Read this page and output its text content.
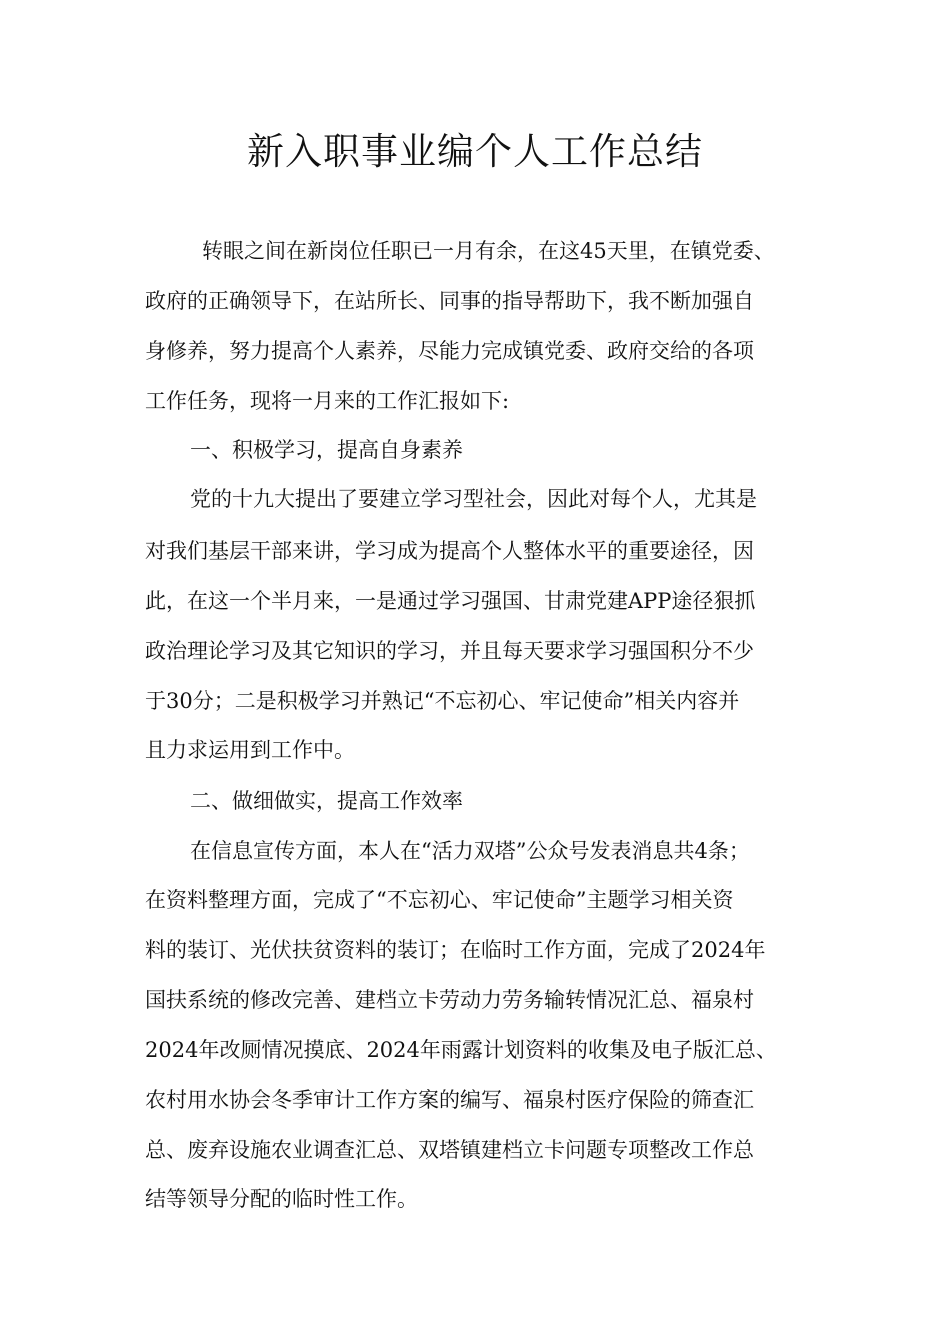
新入职事业编个人工作总结
转眼之间在新岗位任职已一月有余，在这45天里，在镇党委、
政府的正确领导下，在站所长、同事的指导帮助下，我不断加强自
身修养，努力提高个人素养，尽能力完成镇党委、政府交给的各项
工作任务，现将一月来的工作汇报如下:
一、积极学习，提高自身素养
党的十九大提出了要建立学习型社会，因此对每个人，尤其是
对我们基层干部来讲，学习成为提高个人整体水平的重要途径，因
此，在这一个半月来，一是通过学习强国、甘肃党建APP途径狠抓
政治理论学习及其它知识的学习，并且每天要求学习强国积分不少
于30分；二是积极学习并熟记“不忘初心、牢记使命”相关内容并
且力求运用到工作中。
二、做细做实，提高工作效率
在信息宣传方面，本人在“活力双塔”公众号发表消息共4条；
在资料整理方面，完成了“不忘初心、牢记使命”主题学习相关资
料的装订、光伏扶贫资料的装订；在临时工作方面，完成了2024年
国扶系统的修改完善、建档立卡劳动力劳务输转情况汇总、福泉村
2024年改厕情况摸底、2024年雨露计划资料的收集及电子版汇总、
农村用水协会冬季审计工作方案的编写、福泉村医疗保险的筛查汇
总、废弃设施农业调查汇总、双塔镇建档立卡问题专项整改工作总
结等领导分配的临时性工作。
